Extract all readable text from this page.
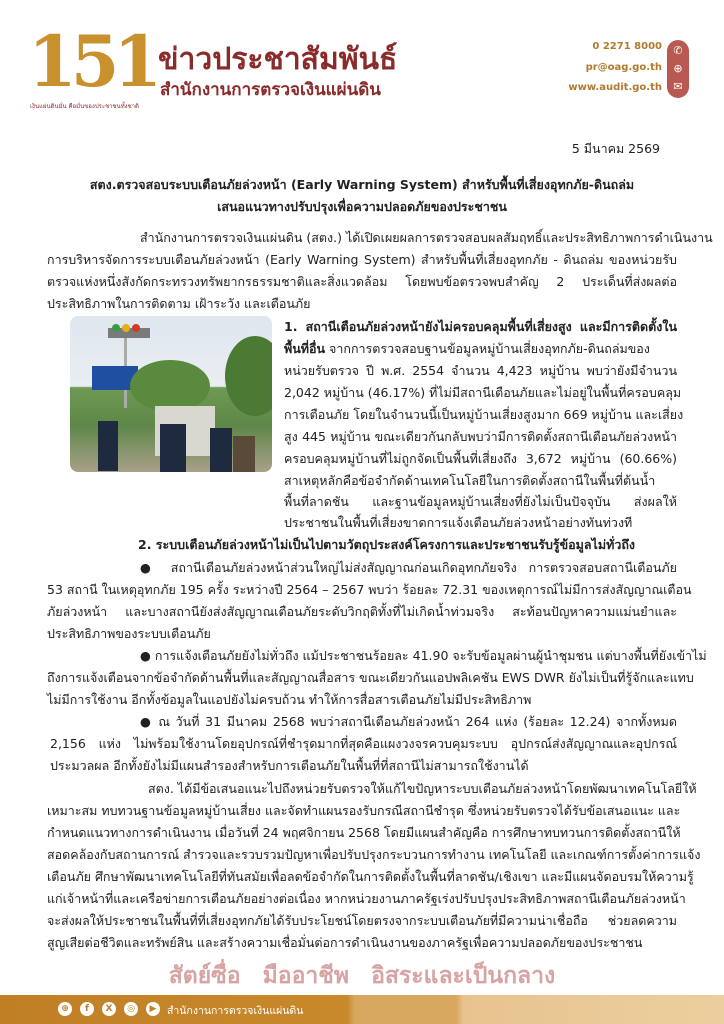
151
เงินแผ่นดินมั่น คือมั่นของประชาชนทั้งชาติ
ข่าวประชาสัมพันธ์
สำนักงานการตรวจเงินแผ่นดิน
0 2271 8000
pr@oag.go.th
www.audit.go.th
✆
⊕
✉
5 มีนาคม 2569
สตง.ตรวจสอบระบบเตือนภัยล่วงหน้า (Early Warning System) สำหรับพื้นที่เสี่ยงอุทกภัย-ดินถล่ม
เสนอแนวทางปรับปรุงเพื่อความปลอดภัยของประชาชน
สำนักงานการตรวจเงินแผ่นดิน (สตง.) ได้เปิดเผยผลการตรวจสอบผลสัมฤทธิ์และประสิทธิภาพการดำเนินงาน
การบริหารจัดการระบบเตือนภัยล่วงหน้า (Early Warning System) สำหรับพื้นที่เสี่ยงอุทกภัย - ดินถล่ม ของหน่วยรับ
ตรวจแห่งหนึ่งสังกัดกระทรวงทรัพยากรธรรมชาติและสิ่งแวดล้อม โดยพบข้อตรวจพบสำคัญ 2 ประเด็นที่ส่งผลต่อ
ประสิทธิภาพในการติดตาม เฝ้าระวัง และเตือนภัย
1. สถานีเตือนภัยล่วงหน้ายังไม่ครอบคลุมพื้นที่เสี่ยงสูง และมีการติดตั้งใน
พื้นที่อื่น จากการตรวจสอบฐานข้อมูลหมู่บ้านเสี่ยงอุทกภัย-ดินถล่มของ
หน่วยรับตรวจ ปี พ.ศ. 2554 จำนวน 4,423 หมู่บ้าน พบว่ายังมีจำนวน
2,042 หมู่บ้าน (46.17%) ที่ไม่มีสถานีเตือนภัยและไม่อยู่ในพื้นที่ครอบคลุม
การเตือนภัย โดยในจำนวนนี้เป็นหมู่บ้านเสี่ยงสูงมาก 669 หมู่บ้าน และเสี่ยง
สูง 445 หมู่บ้าน ขณะเดียวกันกลับพบว่ามีการติดตั้งสถานีเตือนภัยล่วงหน้า
ครอบคลุมหมู่บ้านที่ไม่ถูกจัดเป็นพื้นที่เสี่ยงถึง 3,672 หมู่บ้าน (60.66%)
สาเหตุหลักคือข้อจำกัดด้านเทคโนโลยีในการติดตั้งสถานีในพื้นที่ต้นน้ำ
พื้นที่ลาดชัน และฐานข้อมูลหมู่บ้านเสี่ยงที่ยังไม่เป็นปัจจุบัน ส่งผลให้
ประชาชนในพื้นที่เสี่ยงขาดการแจ้งเตือนภัยล่วงหน้าอย่างทันท่วงที
2. ระบบเตือนภัยล่วงหน้าไม่เป็นไปตามวัตถุประสงค์โครงการและประชาชนรับรู้ข้อมูลไม่ทั่วถึง
● สถานีเตือนภัยล่วงหน้าส่วนใหญ่ไม่ส่งสัญญาณก่อนเกิดอุทกภัยจริง การตรวจสอบสถานีเตือนภัย
53 สถานี ในเหตุอุทกภัย 195 ครั้ง ระหว่างปี 2564 – 2567 พบว่า ร้อยละ 72.31 ของเหตุการณ์ไม่มีการส่งสัญญาณเตือน
ภัยล่วงหน้า และบางสถานียังส่งสัญญาณเตือนภัยระดับวิกฤติทั้งที่ไม่เกิดน้ำท่วมจริง สะท้อนปัญหาความแม่นยำและ
ประสิทธิภาพของระบบเตือนภัย
● การแจ้งเตือนภัยยังไม่ทั่วถึง แม้ประชาชนร้อยละ 41.90 จะรับข้อมูลผ่านผู้นำชุมชน แต่บางพื้นที่ยังเข้าไม่
ถึงการแจ้งเตือนจากข้อจำกัดด้านพื้นที่และสัญญาณสื่อสาร ขณะเดียวกันแอปพลิเคชัน EWS DWR ยังไม่เป็นที่รู้จักและแทบ
ไม่มีการใช้งาน อีกทั้งข้อมูลในแอปยังไม่ครบถ้วน ทำให้การสื่อสารเตือนภัยไม่มีประสิทธิภาพ
● ณ วันที่ 31 มีนาคม 2568 พบว่าสถานีเตือนภัยล่วงหน้า 264 แห่ง (ร้อยละ 12.24) จากทั้งหมด
2,156 แห่ง ไม่พร้อมใช้งานโดยอุปกรณ์ที่ชำรุดมากที่สุดคือแผงวงจรควบคุมระบบ อุปกรณ์ส่งสัญญาณและอุปกรณ์
ประมวลผล อีกทั้งยังไม่มีแผนสำรองสำหรับการเตือนภัยในพื้นที่ที่สถานีไม่สามารถใช้งานได้
สตง. ได้มีข้อเสนอแนะไปถึงหน่วยรับตรวจให้แก้ไขปัญหาระบบเตือนภัยล่วงหน้าโดยพัฒนาเทคโนโลยีให้
เหมาะสม ทบทวนฐานข้อมูลหมู่บ้านเสี่ยง และจัดทำแผนรองรับกรณีสถานีชำรุด ซึ่งหน่วยรับตรวจได้รับข้อเสนอแนะ และ
กำหนดแนวทางการดำเนินงาน เมื่อวันที่ 24 พฤศจิกายน 2568 โดยมีแผนสำคัญคือ การศึกษาทบทวนการติดตั้งสถานีให้
สอดคล้องกับสถานการณ์ สำรวจและรวบรวมปัญหาเพื่อปรับปรุงกระบวนการทำงาน เทคโนโลยี และเกณฑ์การตั้งค่าการแจ้ง
เตือนภัย ศึกษาพัฒนาเทคโนโลยีที่ทันสมัยเพื่อลดข้อจำกัดในการติดตั้งในพื้นที่ลาดชัน/เชิงเขา และมีแผนจัดอบรมให้ความรู้
แก่เจ้าหน้าที่และเครือข่ายการเตือนภัยอย่างต่อเนื่อง หากหน่วยงานภาครัฐเร่งปรับปรุงประสิทธิภาพสถานีเตือนภัยล่วงหน้า
จะส่งผลให้ประชาชนในพื้นที่ที่เสี่ยงอุทกภัยได้รับประโยชน์โดยตรงจากระบบเตือนภัยที่มีความน่าเชื่อถือ ช่วยลดความ
สูญเสียต่อชีวิตและทรัพย์สิน และสร้างความเชื่อมั่นต่อการดำเนินงานของภาครัฐเพื่อความปลอดภัยของประชาชน
สัตย์ซื่อ มืออาชีพ อิสระและเป็นกลาง
⊕	f	X	◎	▶	สำนักงานการตรวจเงินแผ่นดิน
